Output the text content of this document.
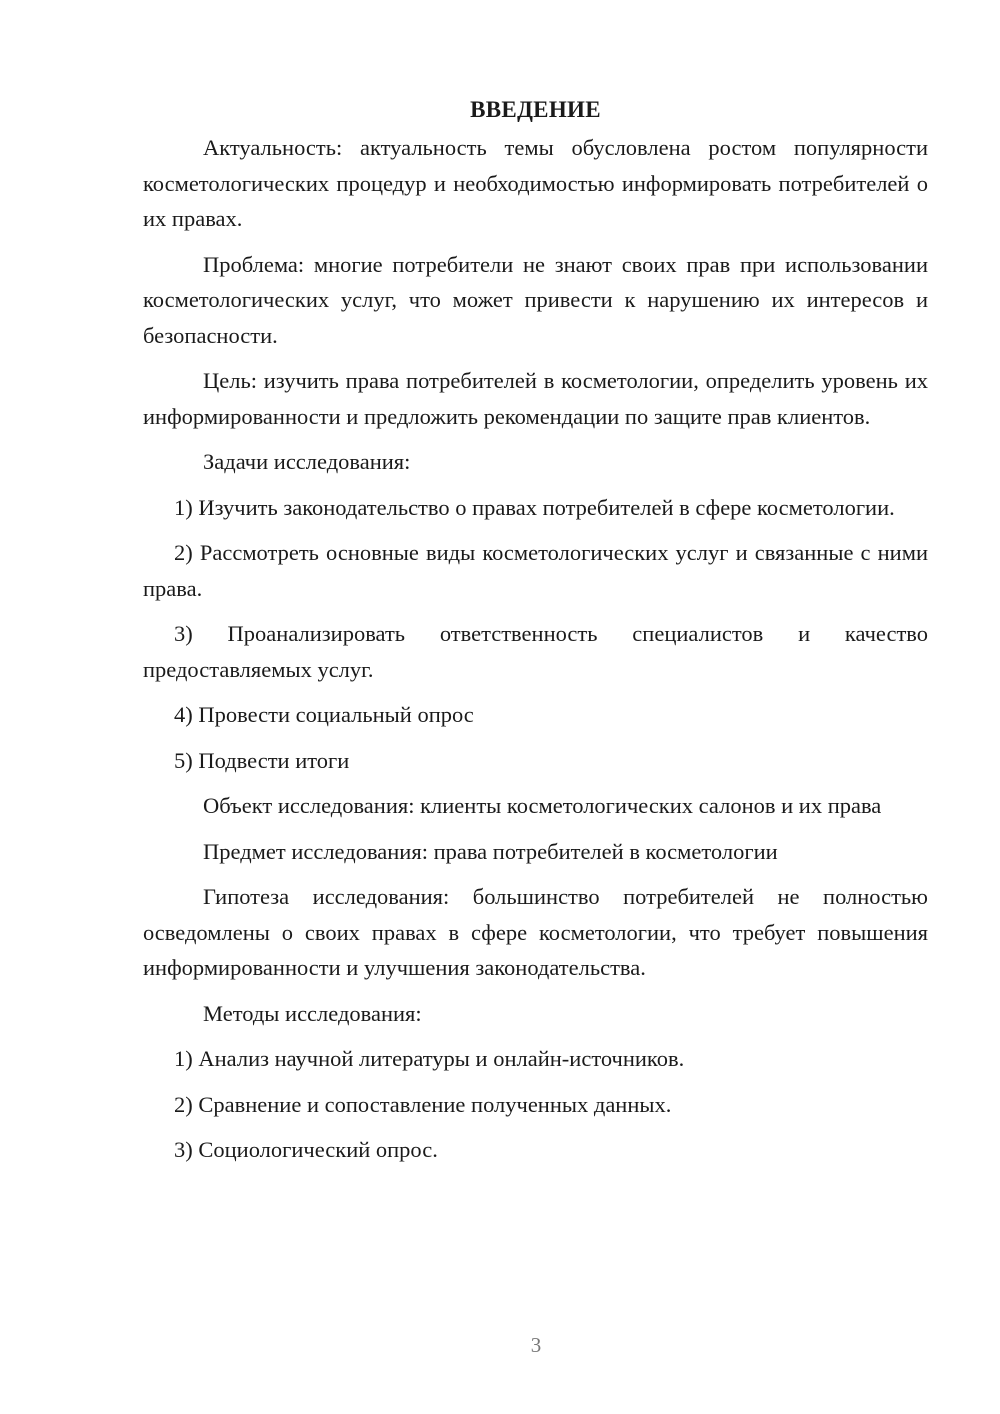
ВВЕДЕНИЕ

Актуальность: актуальность темы обусловлена ростом популярности косметологических процедур и необходимостью информировать потребителей о их правах.

Проблема: многие потребители не знают своих прав при использовании косметологических услуг, что может привести к нарушению их интересов и безопасности.

Цель: изучить права потребителей в косметологии, определить уровень их информированности и предложить рекомендации по защите прав клиентов.

Задачи исследования:

1) Изучить законодательство о правах потребителей в сфере косметологии.

2) Рассмотреть основные виды косметологических услуг и связанные с ними права.

3) Проанализировать ответственность специалистов и качество предоставляемых услуг.

4) Провести социальный опрос

5) Подвести итоги

Объект исследования: клиенты косметологических салонов и их права

Предмет исследования: права потребителей в косметологии

Гипотеза исследования: большинство потребителей не полностью осведомлены о своих правах в сфере косметологии, что требует повышения информированности и улучшения законодательства.

Методы исследования:

1) Анализ научной литературы и онлайн-источников.

2) Сравнение и сопоставление полученных данных.

3) Социологический опрос.

3
